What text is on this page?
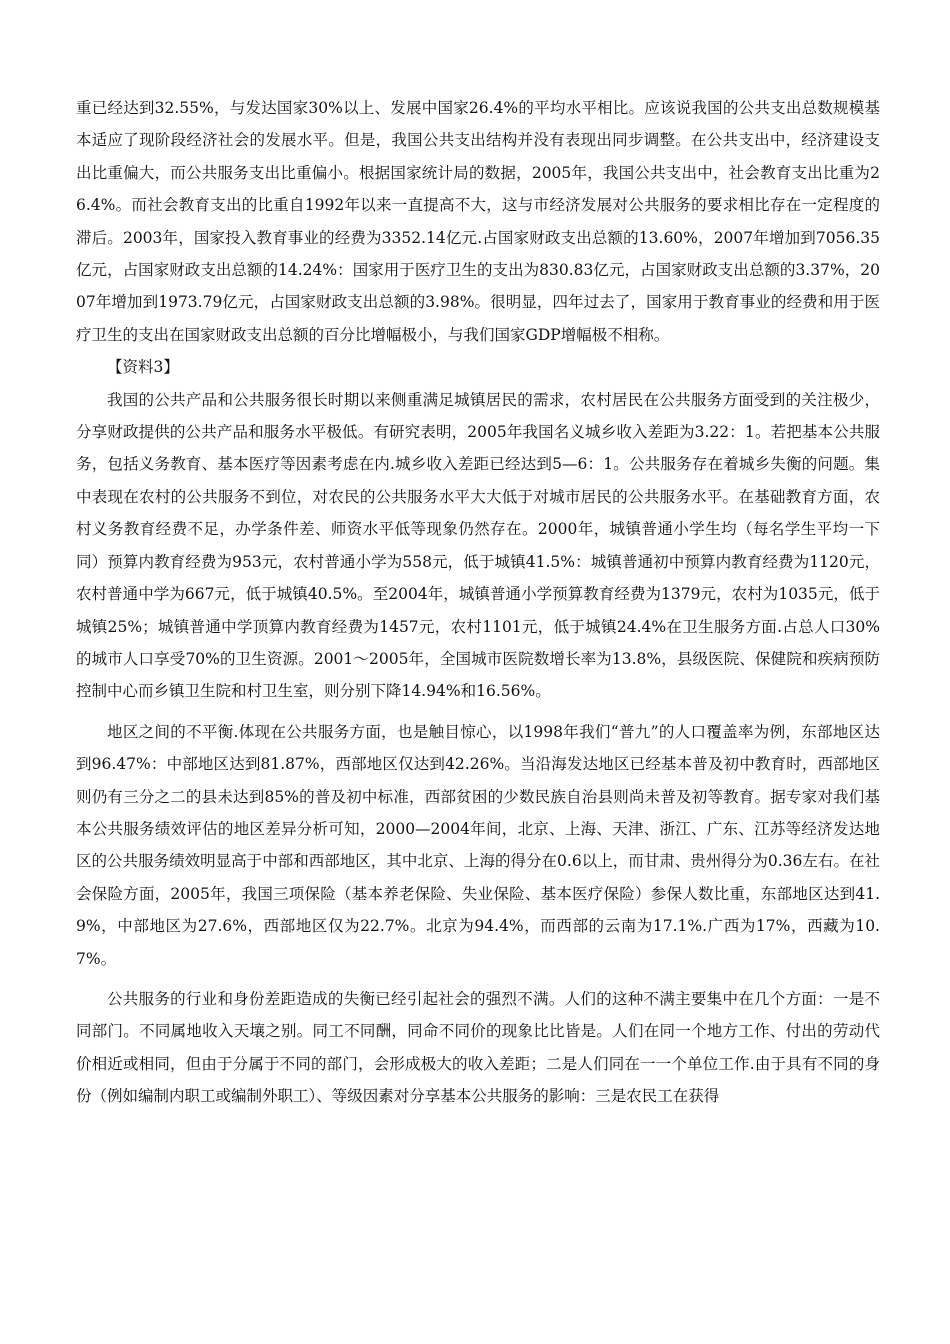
重已经达到32.55%，与发达国家30%以上、发展中国家26.4%的平均水平相比。应该说我国的公共支出总数规模基本适应了现阶段经济社会的发展水平。但是，我国公共支出结构并没有表现出同步调整。在公共支出中，经济建设支出比重偏大，而公共服务支出比重偏小。根据国家统计局的数据，2005年，我国公共支出中，社会教育支出比重为26.4%。而社会教育支出的比重自1992年以来一直提高不大，这与市经济发展对公共服务的要求相比存在一定程度的滞后。2003年，国家投入教育事业的经费为3352.14亿元.占国家财政支出总额的13.60%，2007年增加到7056.35亿元，占国家财政支出总额的14.24%：国家用于医疗卫生的支出为830.83亿元，占国家财政支出总额的3.37%，2007年增加到1973.79亿元，占国家财政支出总额的3.98%。很明显，四年过去了，国家用于教育事业的经费和用于医疗卫生的支出在国家财政支出总额的百分比增幅极小，与我们国家GDP增幅极不相称。

【资料3】

我国的公共产品和公共服务很长时期以来侧重满足城镇居民的需求，农村居民在公共服务方面受到的关注极少，分享财政提供的公共产品和服务水平极低。有研究表明，2005年我国名义城乡收入差距为3.22：1。若把基本公共服务，包括义务教育、基本医疗等因素考虑在内.城乡收入差距已经达到5—6：1。公共服务存在着城乡失衡的问题。集中表现在农村的公共服务不到位，对农民的公共服务水平大大低于对城市居民的公共服务水平。在基础教育方面，农村义务教育经费不足，办学条件差、师资水平低等现象仍然存在。2000年，城镇普通小学生均（每名学生平均一下同）预算内教育经费为953元，农村普通小学为558元，低于城镇41.5%：城镇普通初中预算内教育经费为1120元，农村普通中学为667元，低于城镇40.5%。至2004年，城镇普通小学预算教育经费为1379元，农村为1035元，低于城镇25%；城镇普通中学顶算内教育经费为1457元，农村1101元，低于城镇24.4%在卫生服务方面.占总人口30%的城市人口享受70%的卫生资源。2001～2005年，全国城市医院数增长率为13.8%，县级医院、保健院和疾病预防控制中心而乡镇卫生院和村卫生室，则分别下降14.94%和16.56%。

地区之间的不平衡.体现在公共服务方面，也是触目惊心，以1998年我们“普九”的人口覆盖率为例，东部地区达到96.47%：中部地区达到81.87%，西部地区仅达到42.26%。当沿海发达地区已经基本普及初中教育时，西部地区则仍有三分之二的县未达到85%的普及初中标准，西部贫困的少数民族自治县则尚未普及初等教育。据专家对我们基本公共服务绩效评估的地区差异分析可知，2000—2004年间，北京、上海、天津、浙江、广东、江苏等经济发达地区的公共服务绩效明显高于中部和西部地区，其中北京、上海的得分在0.6以上，而甘肃、贵州得分为0.36左右。在社会保险方面，2005年，我国三项保险（基本养老保险、失业保险、基本医疗保险）参保人数比重，东部地区达到41.9%，中部地区为27.6%，西部地区仅为22.7%。北京为94.4%，而西部的云南为17.1%.广西为17%，西藏为10.7%。

公共服务的行业和身份差距造成的失衡已经引起社会的强烈不满。人们的这种不满主要集中在几个方面：一是不同部门。不同属地收入天壤之别。同工不同酬，同命不同价的现象比比皆是。人们在同一个地方工作、付出的劳动代价相近或相同，但由于分属于不同的部门，会形成极大的收入差距；二是人们同在一一个单位工作.由于具有不同的身份（例如编制内职工或编制外职工）、等级因素对分享基本公共服务的影响：三是农民工在获得
